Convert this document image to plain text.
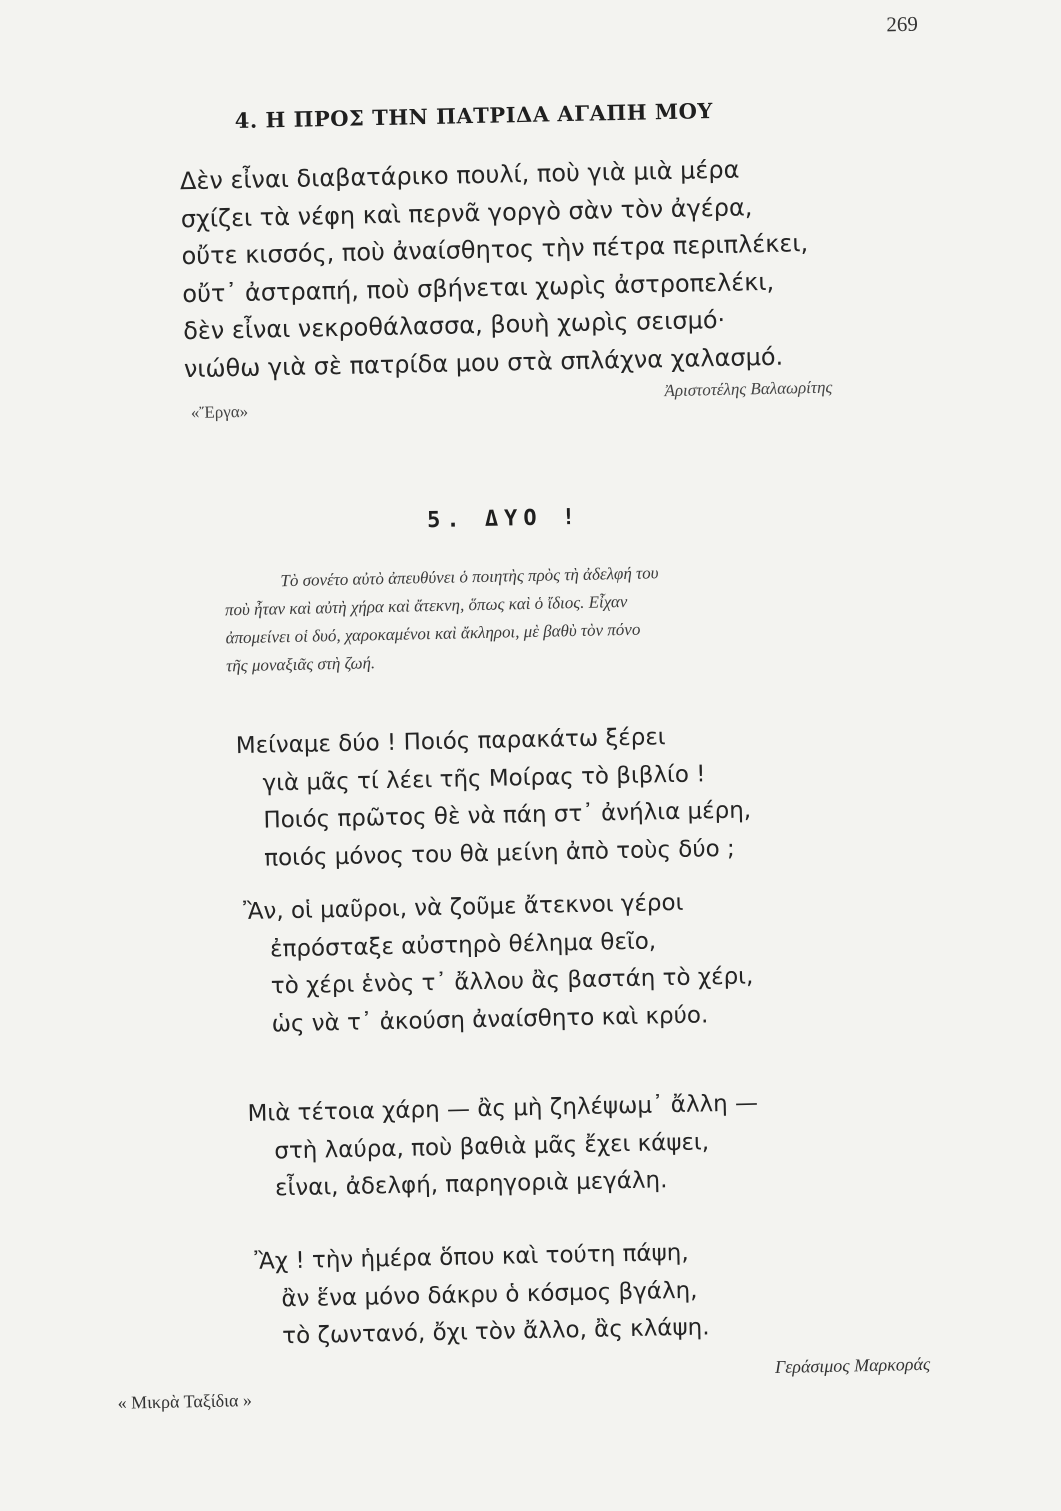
269
4. Η ΠΡΟΣ ΤΗΝ ΠΑΤΡΙΔΑ ΑΓΑΠΗ ΜΟΥ
Δὲν εἶναι διαβατάρικο πουλί, ποὺ γιὰ μιὰ μέρα
σχίζει τὰ νέφη καὶ περνᾶ γοργὸ σὰν τὸν ἀγέρα,
οὔτε κισσός, ποὺ ἀναίσθητος τὴν πέτρα περιπλέκει,
οὔτ᾽ ἀστραπή, ποὺ σβήνεται χωρὶς ἀστροπελέκι,
δὲν εἶναι νεκροθάλασσα, βουὴ χωρὶς σεισμό·
νιώθω γιὰ σὲ πατρίδα μου στὰ σπλάχνα χαλασμό.
Ἀριστοτέλης Βαλαωρίτης
«Ἔργα»
5. ΔΥΟ !
Τὸ σονέτο αὐτὸ ἀπευθύνει ὁ ποιητὴς πρὸς τὴ ἀδελφή του
ποὺ ἦταν καὶ αὐτὴ χήρα καὶ ἄτεκνη, ὅπως καὶ ὁ ἴδιος. Εἶχαν
ἀπομείνει οἱ δυό, χαροκαμένοι καὶ ἄκληροι, μὲ βαθὺ τὸν πόνο
τῆς μοναξιᾶς στὴ ζωή.
Μείναμε δύο ! Ποιός παρακάτω ξέρει
γιὰ μᾶς τί λέει τῆς Μοίρας τὸ βιβλίο !
Ποιός πρῶτος θὲ νὰ πάη στ᾽ ἀνήλια μέρη,
ποιός μόνος του θὰ μείνη ἀπὸ τοὺς δύο ;
Ἂν, οἱ μαῦροι, νὰ ζοῦμε ἄτεκνοι γέροι
ἐπρόσταξε αὐστηρὸ θέλημα θεῖο,
τὸ χέρι ἑνὸς τ᾽ ἄλλου ἂς βαστάη τὸ χέρι,
ὡς νὰ τ᾽ ἀκούση ἀναίσθητο καὶ κρύο.
Μιὰ τέτοια χάρη — ἂς μὴ ζηλέψωμ᾽ ἄλλη —
στὴ λαύρα, ποὺ βαθιὰ μᾶς ἔχει κάψει,
εἶναι, ἀδελφή, παρηγοριὰ μεγάλη.
Ἂχ ! τὴν ἡμέρα ὅπου καὶ τούτη πάψη,
ἂν ἕνα μόνο δάκρυ ὁ κόσμος βγάλη,
τὸ ζωντανό, ὄχι τὸν ἄλλο, ἂς κλάψη.
Γεράσιμος Μαρκοράς
« Μικρὰ Ταξίδια »
